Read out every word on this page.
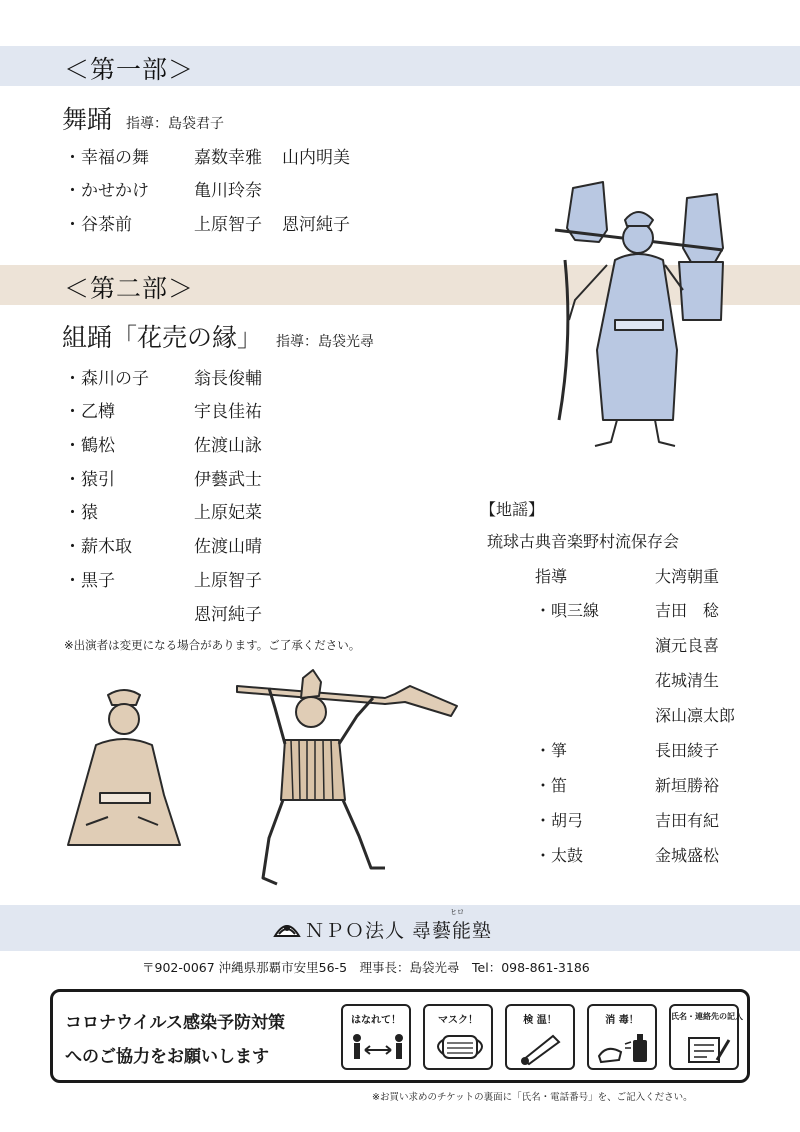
＜第一部＞
舞踊 指導：島袋君子
・幸福の舞	嘉数幸雅 山内明美
・かせかけ	亀川玲奈
・谷茶前	上原智子 恩河純子
＜第二部＞
組踊「花売の縁」 指導：島袋光尋
・森川の子	翁長俊輔
・乙樽	宇良佳祐
・鶴松	佐渡山詠
・猿引	伊藝武士
・猿	上原妃菜
・薪木取	佐渡山晴
・黒子	上原智子
恩河純子
※出演者は変更になる場合があります。ご了承ください。
【地謡】
琉球古典音楽野村流保存会
指導	大湾朝重
・唄三線	吉田　稔
濵元良喜
花城清生
深山凛太郎
・箏	長田綾子
・笛	新垣勝裕
・胡弓	吉田有紀
・太鼓	金城盛松
ＮＰＯ法人 尋藝能塾
ヒロ
〒902-0067 沖縄県那覇市安里56-5　理事長：島袋光尋　Tel：098-861-3186
コロナウイルス感染予防対策
へのご協力をお願いします
はなれて！	マスク！	検 温！	消 毒！	氏名・連絡先の記入
※お買い求めのチケットの裏面に「氏名・電話番号」を、ご記入ください。
